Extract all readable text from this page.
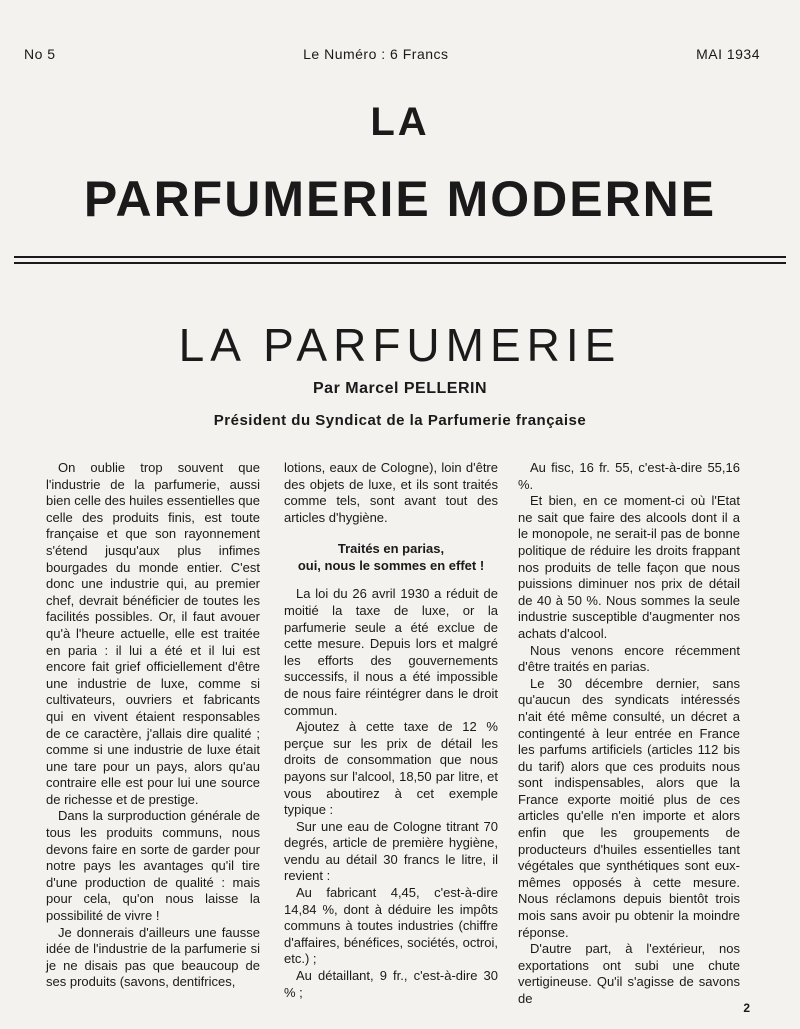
No 5	Le Numéro : 6 Francs	MAI 1934
LA
PARFUMERIE MODERNE
LA PARFUMERIE
Par Marcel PELLERIN
Président du Syndicat de la Parfumerie française

On oublie trop souvent que l'industrie de la parfumerie, aussi bien celle des huiles essentielles que celle des produits finis, est toute française et que son rayonnement s'étend jusqu'aux plus infimes bourgades du monde entier. C'est donc une industrie qui, au premier chef, devrait bénéficier de toutes les facilités possibles. Or, il faut avouer qu'à l'heure actuelle, elle est traitée en paria : il lui a été et il lui est encore fait grief officiellement d'être une industrie de luxe, comme si cultivateurs, ouvriers et fabricants qui en vivent étaient responsables de ce caractère, j'allais dire qualité ; comme si une industrie de luxe était une tare pour un pays, alors qu'au contraire elle est pour lui une source de richesse et de prestige.

Dans la surproduction générale de tous les produits communs, nous devons faire en sorte de garder pour notre pays les avantages qu'il tire d'une production de qualité : mais pour cela, qu'on nous laisse la possibilité de vivre !

Je donnerais d'ailleurs une fausse idée de l'industrie de la parfumerie si je ne disais pas que beaucoup de ses produits (savons, dentifrices,

lotions, eaux de Cologne), loin d'être des objets de luxe, et ils sont traités comme tels, sont avant tout des articles d'hygiène.

Traités en parias,
oui, nous le sommes en effet !

La loi du 26 avril 1930 a réduit de moitié la taxe de luxe, or la parfumerie seule a été exclue de cette mesure. Depuis lors et malgré les efforts des gouvernements successifs, il nous a été impossible de nous faire réintégrer dans le droit commun.

Ajoutez à cette taxe de 12 % perçue sur les prix de détail les droits de consommation que nous payons sur l'alcool, 18,50 par litre, et vous aboutirez à cet exemple typique :

Sur une eau de Cologne titrant 70 degrés, article de première hygiène, vendu au détail 30 francs le litre, il revient :

Au fabricant 4,45, c'est-à-dire 14,84 %, dont à déduire les impôts communs à toutes industries (chiffre d'affaires, bénéfices, sociétés, octroi, etc.) ;

Au détaillant, 9 fr., c'est-à-dire 30 % ;

Au fisc, 16 fr. 55, c'est-à-dire 55,16 %.

Et bien, en ce moment-ci où l'Etat ne sait que faire des alcools dont il a le monopole, ne serait-il pas de bonne politique de réduire les droits frappant nos produits de telle façon que nous puissions diminuer nos prix de détail de 40 à 50 %. Nous sommes la seule industrie susceptible d'augmenter nos achats d'alcool.

Nous venons encore récemment d'être traités en parias.

Le 30 décembre dernier, sans qu'aucun des syndicats intéressés n'ait été même consulté, un décret a contingenté à leur entrée en France les parfums artificiels (articles 112 bis du tarif) alors que ces produits nous sont indispensables, alors que la France exporte moitié plus de ces articles qu'elle n'en importe et alors enfin que les groupements de producteurs d'huiles essentielles tant végétales que synthétiques sont eux-mêmes opposés à cette mesure. Nous réclamons depuis bientôt trois mois sans avoir pu obtenir la moindre réponse.

D'autre part, à l'extérieur, nos exportations ont subi une chute vertigineuse. Qu'il s'agisse de savons de

2
